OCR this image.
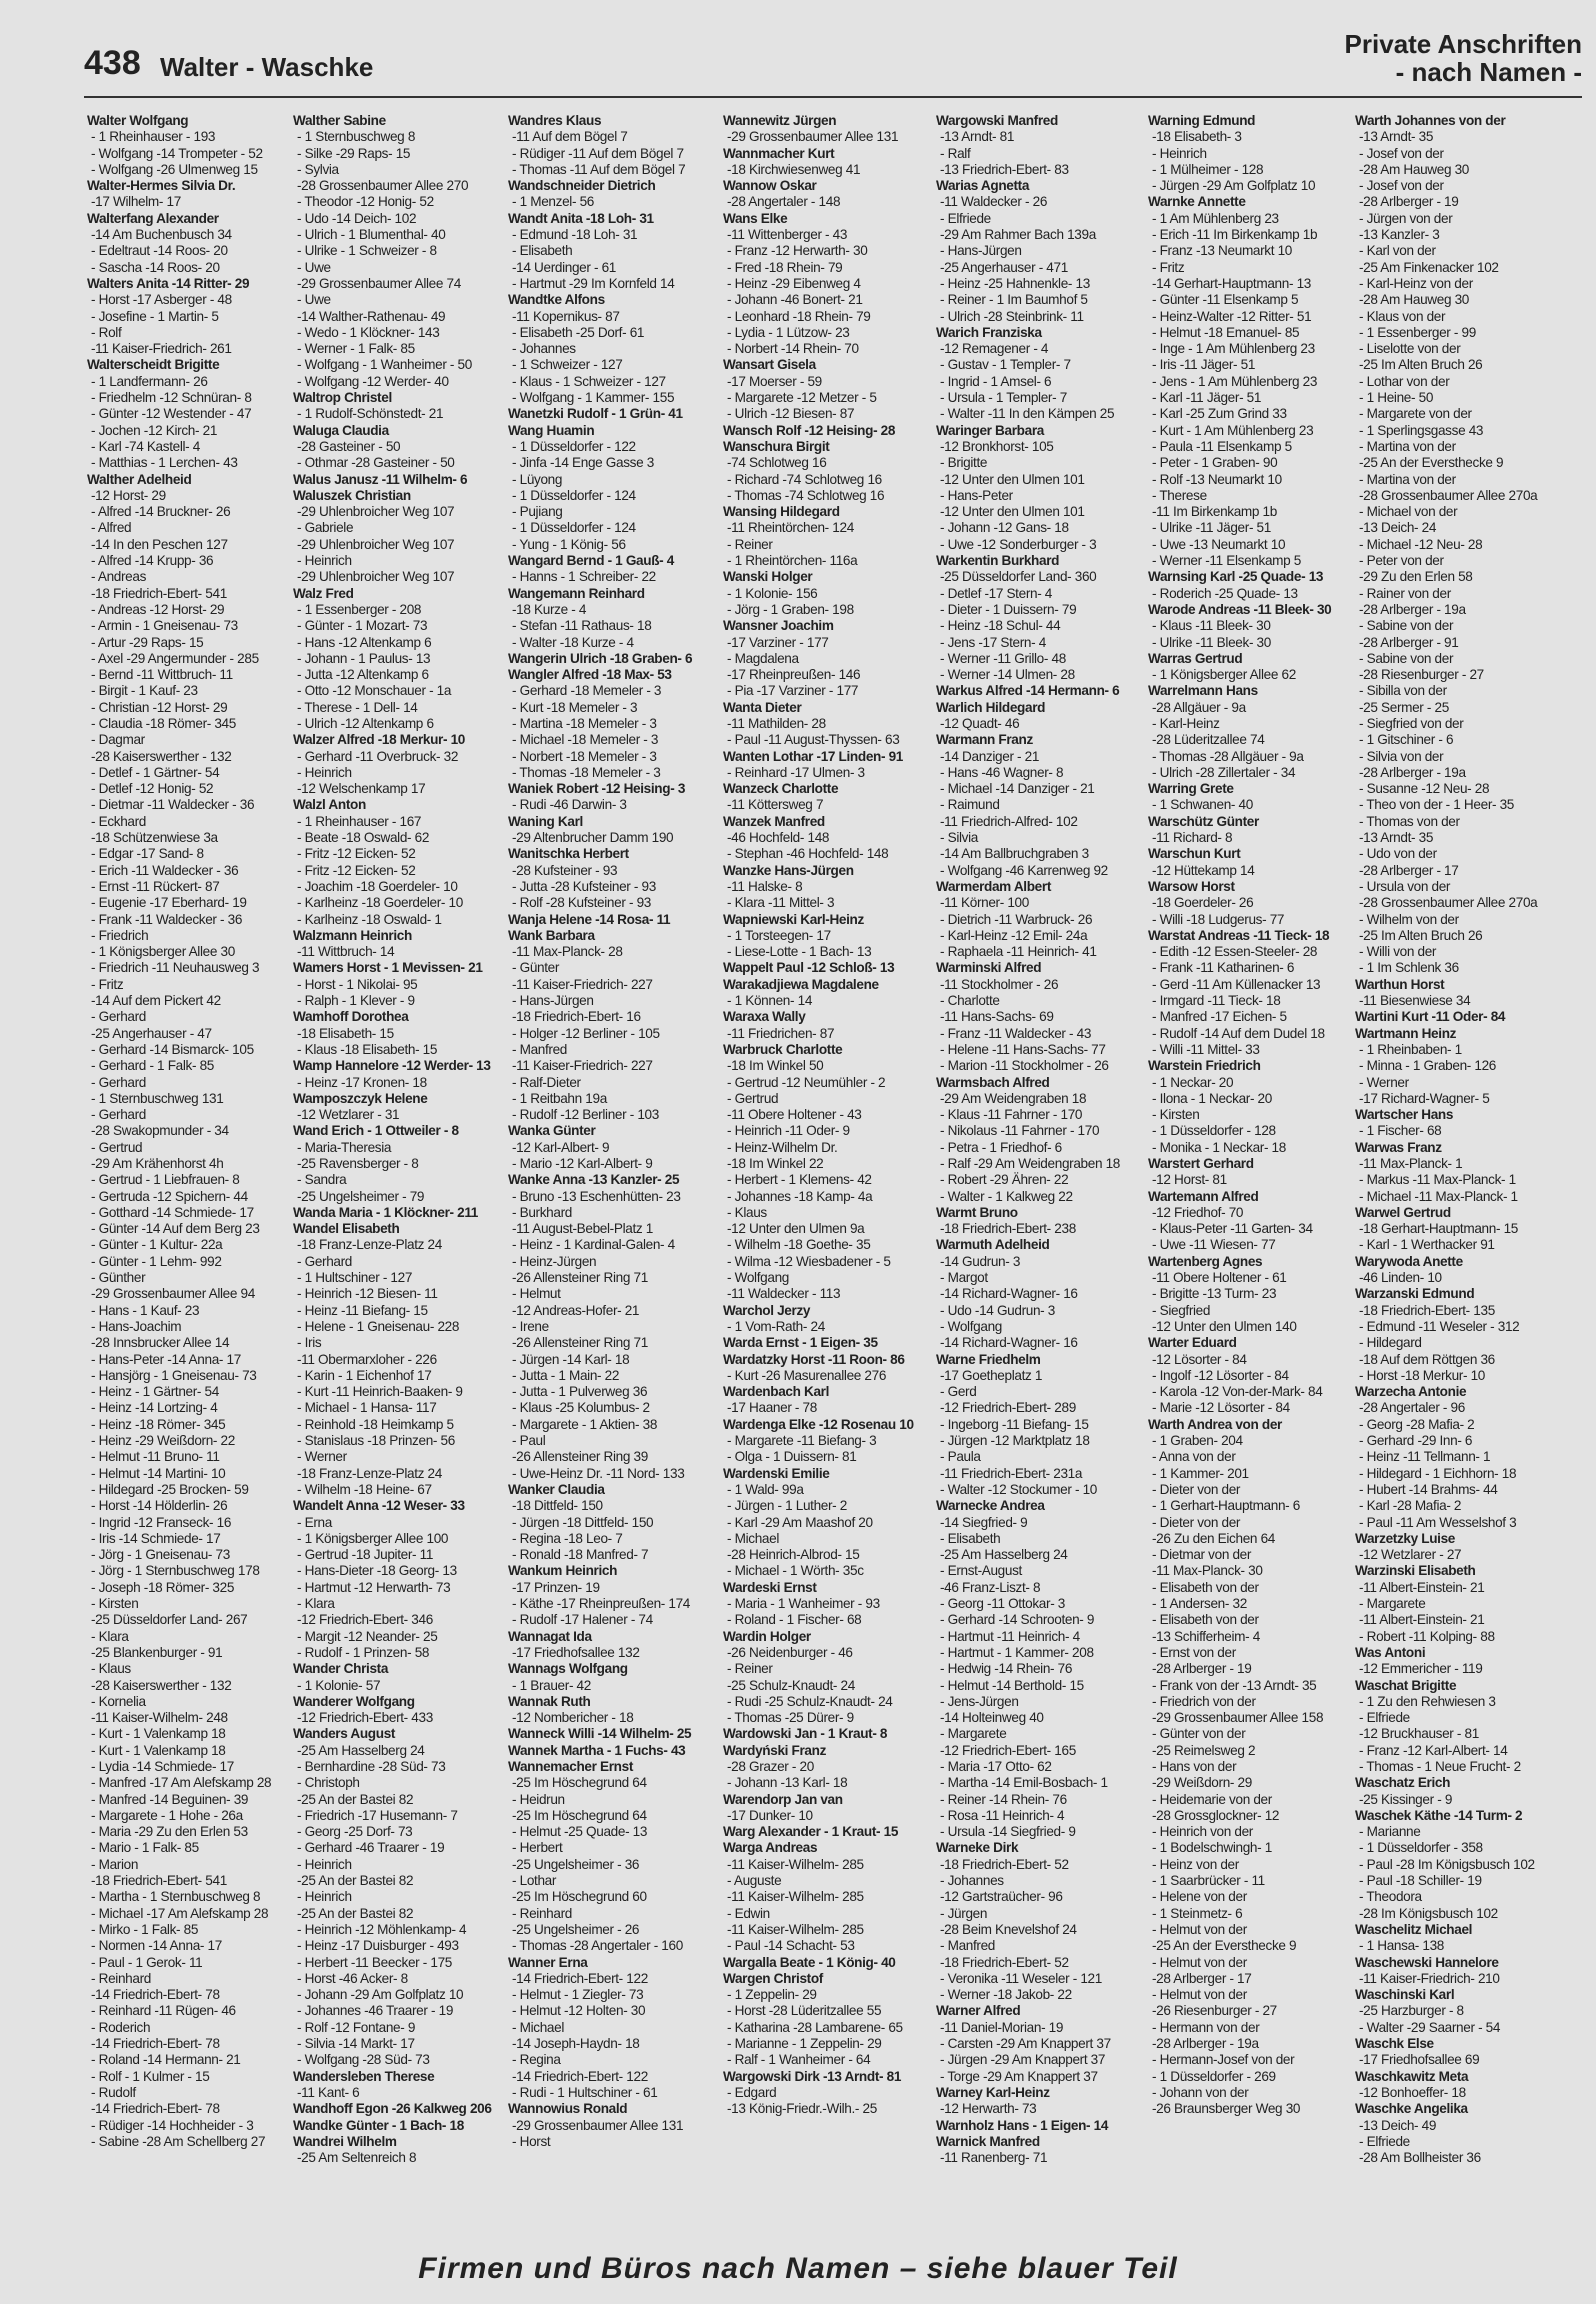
438 Walter - Waschke
Private Anschriften
- nach Namen -
Walter Wolfgang
- 1 Rheinhauser - 193
- Wolfgang -14 Trompeter - 52
- Wolfgang -26 Ulmenweg 15
Walter-Hermes Silvia Dr.
-17 Wilhelm- 17
Walterfang Alexander
-14 Am Buchenbusch 34
- Edeltraut -14 Roos- 20
- Sascha -14 Roos- 20
Walters Anita -14 Ritter- 29
- Horst -17 Asberger - 48
- Josefine - 1 Martin- 5
- Rolf
-11 Kaiser-Friedrich- 261
Walterscheidt Brigitte
- 1 Landfermann- 26
- Friedhelm -12 Schnüran- 8
- Günter -12 Westender - 47
- Jochen -12 Kirch- 21
- Karl -74 Kastell- 4
- Matthias - 1 Lerchen- 43
Walther Adelheid
-12 Horst- 29
- Alfred -14 Bruckner- 26
- Alfred
-14 In den Peschen 127
- Alfred -14 Krupp- 36
- Andreas
-18 Friedrich-Ebert- 541
- Andreas -12 Horst- 29
- Armin - 1 Gneisenau- 73
- Artur -29 Raps- 15
- Axel -29 Angermunder - 285
- Bernd -11 Wittbruch- 11
- Birgit - 1 Kauf- 23
- Christian -12 Horst- 29
- Claudia -18 Römer- 345
- Dagmar
-28 Kaiserswerther - 132
- Detlef - 1 Gärtner- 54
- Detlef -12 Honig- 52
- Dietmar -11 Waldecker - 36
- Eckhard
-18 Schützenwiese 3a
- Edgar -17 Sand- 8
- Erich -11 Waldecker - 36
- Ernst -11 Rückert- 87
- Eugenie -17 Eberhard- 19
- Frank -11 Waldecker - 36
- Friedrich
- 1 Königsberger Allee 30
- Friedrich -11 Neuhausweg 3
- Fritz
-14 Auf dem Pickert 42
- Gerhard
-25 Angerhauser - 47
- Gerhard -14 Bismarck- 105
- Gerhard - 1 Falk- 85
- Gerhard
- 1 Sternbuschweg 131
- Gerhard
-28 Swakopmunder - 34
- Gertrud
-29 Am Krähenhorst 4h
- Gertrud - 1 Liebfrauen- 8
- Gertruda -12 Spichern- 44
- Gotthard -14 Schmiede- 17
- Günter -14 Auf dem Berg 23
- Günter - 1 Kultur- 22a
- Günter - 1 Lehm- 992
- Günther
-29 Grossenbaumer Allee 94
- Hans - 1 Kauf- 23
- Hans-Joachim
-28 Innsbrucker Allee 14
- Hans-Peter -14 Anna- 17
- Hansjörg - 1 Gneisenau- 73
- Heinz - 1 Gärtner- 54
- Heinz -14 Lortzing- 4
- Heinz -18 Römer- 345
- Heinz -29 Weißdorn- 22
- Helmut -11 Bruno- 11
- Helmut -14 Martini- 10
- Hildegard -25 Brocken- 59
- Horst -14 Hölderlin- 26
- Ingrid -12 Franseck- 16
- Iris -14 Schmiede- 17
- Jörg - 1 Gneisenau- 73
- Jörg - 1 Sternbuschweg 178
- Joseph -18 Römer- 325
- Kirsten
-25 Düsseldorfer Land- 267
- Klara
-25 Blankenburger - 91
- Klaus
-28 Kaiserswerther - 132
- Kornelia
-11 Kaiser-Wilhelm- 248
- Kurt - 1 Valenkamp 18
- Kurt - 1 Valenkamp 18
- Lydia -14 Schmiede- 17
- Manfred -17 Am Alefskamp 28
- Manfred -14 Beguinen- 39
- Margarete - 1 Hohe - 26a
- Maria -29 Zu den Erlen 53
- Mario - 1 Falk- 85
- Marion
-18 Friedrich-Ebert- 541
- Martha - 1 Sternbuschweg 8
- Michael -17 Am Alefskamp 28
- Mirko - 1 Falk- 85
- Normen -14 Anna- 17
- Paul - 1 Gerok- 11
- Reinhard
-14 Friedrich-Ebert- 78
- Reinhard -11 Rügen- 46
- Roderich
-14 Friedrich-Ebert- 78
- Roland -14 Hermann- 21
- Rolf - 1 Kulmer - 15
- Rudolf
-14 Friedrich-Ebert- 78
- Rüdiger -14 Hochheider - 3
- Sabine -28 Am Schellberg 27
Walther Sabine
- 1 Sternbuschweg 8
- Silke -29 Raps- 15
- Sylvia
-28 Grossenbaumer Allee 270
- Theodor -12 Honig- 52
- Udo -14 Deich- 102
- Ulrich - 1 Blumenthal- 40
- Ulrike - 1 Schweizer - 8
- Uwe
-29 Grossenbaumer Allee 74
- Uwe
-14 Walther-Rathenau- 49
- Wedo - 1 Klöckner- 143
- Werner - 1 Falk- 85
- Wolfgang - 1 Wanheimer - 50
- Wolfgang -12 Werder- 40
Waltrop Christel
- 1 Rudolf-Schönstedt- 21
Waluga Claudia
-28 Gasteiner - 50
- Othmar -28 Gasteiner - 50
Walus Janusz -11 Wilhelm- 6
Waluszek Christian
-29 Uhlenbroicher Weg 107
- Gabriele
-29 Uhlenbroicher Weg 107
- Heinrich
-29 Uhlenbroicher Weg 107
Walz Fred
- 1 Essenberger - 208
- Günter - 1 Mozart- 73
- Hans -12 Altenkamp 6
- Johann - 1 Paulus- 13
- Jutta -12 Altenkamp 6
- Otto -12 Monschauer - 1a
- Therese - 1 Dell- 14
- Ulrich -12 Altenkamp 6
Walzer Alfred -18 Merkur- 10
- Gerhard -11 Overbruck- 32
- Heinrich
-12 Welschenkamp 17
Walzl Anton
- 1 Rheinhauser - 167
- Beate -18 Oswald- 62
- Fritz -12 Eicken- 52
- Fritz -12 Eicken- 52
- Joachim -18 Goerdeler- 10
- Karlheinz -18 Goerdeler- 10
- Karlheinz -18 Oswald- 1
Walzmann Heinrich
-11 Wittbruch- 14
Wamers Horst - 1 Mevissen- 21
- Horst - 1 Nikolai- 95
- Ralph - 1 Klever - 9
Wamhoff Dorothea
-18 Elisabeth- 15
- Klaus -18 Elisabeth- 15
Wamp Hannelore -12 Werder- 13
- Heinz -17 Kronen- 18
Wamposzczyk Helene
-12 Wetzlarer - 31
Wand Erich - 1 Ottweiler - 8
- Maria-Theresia
-25 Ravensberger - 8
- Sandra
-25 Ungelsheimer - 79
Wanda Maria - 1 Klöckner- 211
Wandel Elisabeth
-18 Franz-Lenze-Platz 24
- Gerhard
- 1 Hultschiner - 127
- Heinrich -12 Biesen- 11
- Heinz -11 Biefang- 15
- Helene - 1 Gneisenau- 228
- Iris
-11 Obermarxloher - 226
- Karin - 1 Eichenhof 17
- Kurt -11 Heinrich-Baaken- 9
- Michael - 1 Hansa- 117
- Reinhold -18 Heimkamp 5
- Stanislaus -18 Prinzen- 56
- Werner
-18 Franz-Lenze-Platz 24
- Wilhelm -18 Heine- 67
Wandelt Anna -12 Weser- 33
- Erna
- 1 Königsberger Allee 100
- Gertrud -18 Jupiter- 11
- Hans-Dieter -18 Georg- 13
- Hartmut -12 Herwarth- 73
- Klara
-12 Friedrich-Ebert- 346
- Margit -12 Neander- 25
- Rudolf - 1 Prinzen- 58
Wander Christa
- 1 Kolonie- 57
Wanderer Wolfgang
-12 Friedrich-Ebert- 433
Wanders August
-25 Am Hasselberg 24
- Bernhardine -28 Süd- 73
- Christoph
-25 An der Bastei 82
- Friedrich -17 Husemann- 7
- Georg -25 Dorf- 73
- Gerhard -46 Traarer - 19
- Heinrich
-25 An der Bastei 82
- Heinrich
-25 An der Bastei 82
- Heinrich -12 Möhlenkamp- 4
- Heinz -17 Duisburger - 493
- Herbert -11 Beecker - 175
- Horst -46 Acker- 8
- Johann -29 Am Golfplatz 10
- Johannes -46 Traarer - 19
- Rolf -12 Fontane- 9
- Silvia -14 Markt- 17
- Wolfgang -28 Süd- 73
Wandersleben Therese
-11 Kant- 6
Wandhoff Egon -26 Kalkweg 206
Wandke Günter - 1 Bach- 18
Wandrei Wilhelm
-25 Am Seltenreich 8
Wandres Klaus
-11 Auf dem Bögel 7
- Rüdiger -11 Auf dem Bögel 7
- Thomas -11 Auf dem Bögel 7
Wandschneider Dietrich
- 1 Menzel- 56
Wandt Anita -18 Loh- 31
- Edmund -18 Loh- 31
- Elisabeth
-14 Uerdinger - 61
- Hartmut -29 Im Kornfeld 14
Wandtke Alfons
-11 Kopernikus- 87
- Elisabeth -25 Dorf- 61
- Johannes
- 1 Schweizer - 127
- Klaus - 1 Schweizer - 127
- Wolfgang - 1 Kammer- 155
Wanetzki Rudolf - 1 Grün- 41
Wang Huamin
- 1 Düsseldorfer - 122
- Jinfa -14 Enge Gasse 3
- Lüyong
- 1 Düsseldorfer - 124
- Pujiang
- 1 Düsseldorfer - 124
- Yung - 1 König- 56
Wangard Bernd - 1 Gauß- 4
- Hanns - 1 Schreiber- 22
Wangemann Reinhard
-18 Kurze - 4
- Stefan -11 Rathaus- 18
- Walter -18 Kurze - 4
Wangerin Ulrich -18 Graben- 6
Wangler Alfred -18 Max- 53
- Gerhard -18 Memeler - 3
- Kurt -18 Memeler - 3
- Martina -18 Memeler - 3
- Michael -18 Memeler - 3
- Norbert -18 Memeler - 3
- Thomas -18 Memeler - 3
Waniek Robert -12 Heising- 3
- Rudi -46 Darwin- 3
Waning Karl
-29 Altenbrucher Damm 190
Wanitschka Herbert
-28 Kufsteiner - 93
- Jutta -28 Kufsteiner - 93
- Rolf -28 Kufsteiner - 93
Wanja Helene -14 Rosa- 11
Wank Barbara
-11 Max-Planck- 28
- Günter
-11 Kaiser-Friedrich- 227
- Hans-Jürgen
-18 Friedrich-Ebert- 16
- Holger -12 Berliner - 105
- Manfred
-11 Kaiser-Friedrich- 227
- Ralf-Dieter
- 1 Reitbahn 19a
- Rudolf -12 Berliner - 103
Wanka Günter
-12 Karl-Albert- 9
- Mario -12 Karl-Albert- 9
Wanke Anna -13 Kanzler- 25
- Bruno -13 Eschenhütten- 23
- Burkhard
-11 August-Bebel-Platz 1
- Heinz - 1 Kardinal-Galen- 4
- Heinz-Jürgen
-26 Allensteiner Ring 71
- Helmut
-12 Andreas-Hofer- 21
- Irene
-26 Allensteiner Ring 71
- Jürgen -14 Karl- 18
- Jutta - 1 Main- 22
- Jutta - 1 Pulverweg 36
- Klaus -25 Kolumbus- 2
- Margarete - 1 Aktien- 38
- Paul
-26 Allensteiner Ring 39
- Uwe-Heinz Dr. -11 Nord- 133
Wanker Claudia
-18 Dittfeld- 150
- Jürgen -18 Dittfeld- 150
- Regina -18 Leo- 7
- Ronald -18 Manfred- 7
Wankum Heinrich
-17 Prinzen- 19
- Käthe -17 Rheinpreußen- 174
- Rudolf -17 Halener - 74
Wannagat Ida
-17 Friedhofsallee 132
Wannags Wolfgang
- 1 Brauer- 42
Wannak Ruth
-12 Nombericher - 18
Wanneck Willi -14 Wilhelm- 25
Wannek Martha - 1 Fuchs- 43
Wannemacher Ernst
-25 Im Höschegrund 64
- Heidrun
-25 Im Höschegrund 64
- Helmut -25 Quade- 13
- Herbert
-25 Ungelsheimer - 36
- Lothar
-25 Im Höschegrund 60
- Reinhard
-25 Ungelsheimer - 26
- Thomas -28 Angertaler - 160
Wanner Erna
-14 Friedrich-Ebert- 122
- Helmut - 1 Ziegler- 73
- Helmut -12 Holten- 30
- Michael
-14 Joseph-Haydn- 18
- Regina
-14 Friedrich-Ebert- 122
- Rudi - 1 Hultschiner - 61
Wannowius Ronald
-29 Grossenbaumer Allee 131
- Horst
Wannewitz Jürgen
-29 Grossenbaumer Allee 131
Wannmacher Kurt
-18 Kirchwiesenweg 41
Wannow Oskar
-28 Angertaler - 148
Wans Elke
-11 Wittenberger - 43
- Franz -12 Herwarth- 30
- Fred -18 Rhein- 79
- Heinz -29 Eibenweg 4
- Johann -46 Bonert- 21
- Leonhard -18 Rhein- 79
- Lydia - 1 Lützow- 23
- Norbert -14 Rhein- 70
Wansart Gisela
-17 Moerser - 59
- Margarete -12 Metzer - 5
- Ulrich -12 Biesen- 87
Wansch Rolf -12 Heising- 28
Wanschura Birgit
-74 Schlotweg 16
- Richard -74 Schlotweg 16
- Thomas -74 Schlotweg 16
Wansing Hildegard
-11 Rheintörchen- 124
- Reiner
- 1 Rheintörchen- 116a
Wanski Holger
- 1 Kolonie- 156
- Jörg - 1 Graben- 198
Wansner Joachim
-17 Varziner - 177
- Magdalena
-17 Rheinpreußen- 146
- Pia -17 Varziner - 177
Wanta Dieter
-11 Mathilden- 28
- Paul -11 August-Thyssen- 63
Wanten Lothar -17 Linden- 91
- Reinhard -17 Ulmen- 3
Wanzeck Charlotte
-11 Köttersweg 7
Wanzek Manfred
-46 Hochfeld- 148
- Stephan -46 Hochfeld- 148
Wanzke Hans-Jürgen
-11 Halske- 8
- Klara -11 Mittel- 3
Wapniewski Karl-Heinz
- 1 Torsteegen- 17
- Liese-Lotte - 1 Bach- 13
Wappelt Paul -12 Schloß- 13
Warakadjiewa Magdalene
- 1 Können- 14
Waraxa Wally
-11 Friedrichen- 87
Warbruck Charlotte
-18 Im Winkel 50
- Gertrud -12 Neumühler - 2
- Gertrud
-11 Obere Holtener - 43
- Heinrich -11 Oder- 9
- Heinz-Wilhelm Dr.
-18 Im Winkel 22
- Herbert - 1 Klemens- 42
- Johannes -18 Kamp- 4a
- Klaus
-12 Unter den Ulmen 9a
- Wilhelm -18 Goethe- 35
- Wilma -12 Wiesbadener - 5
- Wolfgang
-11 Waldecker - 113
Warchol Jerzy
- 1 Vom-Rath- 24
Warda Ernst - 1 Eigen- 35
Wardatzky Horst -11 Roon- 86
- Kurt -26 Masurenallee 276
Wardenbach Karl
-17 Haaner - 78
Wardenga Elke -12 Rosenau 10
- Margarete -11 Biefang- 3
- Olga - 1 Duissern- 81
Wardenski Emilie
- 1 Wald- 99a
- Jürgen - 1 Luther- 2
- Karl -29 Am Maashof 20
- Michael
-28 Heinrich-Albrod- 15
- Michael - 1 Wörth- 35c
Wardeski Ernst
- Maria - 1 Wanheimer - 93
- Roland - 1 Fischer- 68
Wardin Holger
-26 Neidenburger - 46
- Reiner
-25 Schulz-Knaudt- 24
- Rudi -25 Schulz-Knaudt- 24
- Thomas -25 Dürer- 9
Wardowski Jan - 1 Kraut- 8
Wardyński Franz
-28 Grazer - 20
- Johann -13 Karl- 18
Warendorp Jan van
-17 Dunker- 10
Warg Alexander - 1 Kraut- 15
Warga Andreas
-11 Kaiser-Wilhelm- 285
- Auguste
-11 Kaiser-Wilhelm- 285
- Edwin
-11 Kaiser-Wilhelm- 285
- Paul -14 Schacht- 53
Wargalla Beate - 1 König- 40
Wargen Christof
- 1 Zeppelin- 29
- Horst -28 Lüderitzallee 55
- Katharina -28 Lambarene- 65
- Marianne - 1 Zeppelin- 29
- Ralf - 1 Wanheimer - 64
Wargowski Dirk -13 Arndt- 81
- Edgard
-13 König-Friedr.-Wilh.- 25
Wargowski Manfred
-13 Arndt- 81
- Ralf
-13 Friedrich-Ebert- 83
Warias Agnetta
-11 Waldecker - 26
- Elfriede
-29 Am Rahmer Bach 139a
- Hans-Jürgen
-25 Angerhauser - 471
- Heinz -25 Hahnenkle- 13
- Reiner - 1 Im Baumhof 5
- Ulrich -28 Steinbrink- 11
Warich Franziska
-12 Remagener - 4
- Gustav - 1 Templer- 7
- Ingrid - 1 Amsel- 6
- Ursula - 1 Templer- 7
- Walter -11 In den Kämpen 25
Waringer Barbara
-12 Bronkhorst- 105
- Brigitte
-12 Unter den Ulmen 101
- Hans-Peter
-12 Unter den Ulmen 101
- Johann -12 Gans- 18
- Uwe -12 Sonderburger - 3
Warkentin Burkhard
-25 Düsseldorfer Land- 360
- Detlef -17 Stern- 4
- Dieter - 1 Duissern- 79
- Heinz -18 Schul- 44
- Jens -17 Stern- 4
- Werner -11 Grillo- 48
- Werner -14 Ulmen- 28
Warkus Alfred -14 Hermann- 6
Warlich Hildegard
-12 Quadt- 46
Warmann Franz
-14 Danziger - 21
- Hans -46 Wagner- 8
- Michael -14 Danziger - 21
- Raimund
-11 Friedrich-Alfred- 102
- Silvia
-14 Am Ballbruchgraben 3
- Wolfgang -46 Karrenweg 92
Warmerdam Albert
-11 Körner- 100
- Dietrich -11 Warbruck- 26
- Karl-Heinz -12 Emil- 24a
- Raphaela -11 Heinrich- 41
Warminski Alfred
-11 Stockholmer - 26
- Charlotte
-11 Hans-Sachs- 69
- Franz -11 Waldecker - 43
- Helene -11 Hans-Sachs- 77
- Marion -11 Stockholmer - 26
Warmsbach Alfred
-29 Am Weidengraben 18
- Klaus -11 Fahrner - 170
- Nikolaus -11 Fahrner - 170
- Petra - 1 Friedhof- 6
- Ralf -29 Am Weidengraben 18
- Robert -29 Ähren- 22
- Walter - 1 Kalkweg 22
Warmt Bruno
-18 Friedrich-Ebert- 238
Warmuth Adelheid
-14 Gudrun- 3
- Margot
-14 Richard-Wagner- 16
- Udo -14 Gudrun- 3
- Wolfgang
-14 Richard-Wagner- 16
Warne Friedhelm
-17 Goetheplatz 1
- Gerd
-12 Friedrich-Ebert- 289
- Ingeborg -11 Biefang- 15
- Jürgen -12 Marktplatz 18
- Paula
-11 Friedrich-Ebert- 231a
- Walter -12 Stockumer - 10
Warnecke Andrea
-14 Siegfried- 9
- Elisabeth
-25 Am Hasselberg 24
- Ernst-August
-46 Franz-Liszt- 8
- Georg -11 Ottokar- 3
- Gerhard -14 Schrooten- 9
- Hartmut -11 Heinrich- 4
- Hartmut - 1 Kammer- 208
- Hedwig -14 Rhein- 76
- Helmut -14 Berthold- 15
- Jens-Jürgen
-14 Holteinweg 40
- Margarete
-12 Friedrich-Ebert- 165
- Maria -17 Otto- 62
- Martha -14 Emil-Bosbach- 1
- Reiner -14 Rhein- 76
- Rosa -11 Heinrich- 4
- Ursula -14 Siegfried- 9
Warneke Dirk
-18 Friedrich-Ebert- 52
- Johannes
-12 Gartstraücher- 96
- Jürgen
-28 Beim Knevelshof 24
- Manfred
-18 Friedrich-Ebert- 52
- Veronika -11 Weseler - 121
- Werner -18 Jakob- 22
Warner Alfred
-11 Daniel-Morian- 19
- Carsten -29 Am Knappert 37
- Jürgen -29 Am Knappert 37
- Torge -29 Am Knappert 37
Warney Karl-Heinz
-12 Herwarth- 73
Warnholz Hans - 1 Eigen- 14
Warnick Manfred
-11 Ranenberg- 71
Warning Edmund
-18 Elisabeth- 3
- Heinrich
- 1 Mülheimer - 128
- Jürgen -29 Am Golfplatz 10
Warnke Annette
- 1 Am Mühlenberg 23
- Erich -11 Im Birkenkamp 1b
- Franz -13 Neumarkt 10
- Fritz
-14 Gerhart-Hauptmann- 13
- Günter -11 Elsenkamp 5
- Heinz-Walter -12 Ritter- 51
- Helmut -18 Emanuel- 85
- Inge - 1 Am Mühlenberg 23
- Iris -11 Jäger- 51
- Jens - 1 Am Mühlenberg 23
- Karl -11 Jäger- 51
- Karl -25 Zum Grind 33
- Kurt - 1 Am Mühlenberg 23
- Paula -11 Elsenkamp 5
- Peter - 1 Graben- 90
- Rolf -13 Neumarkt 10
- Therese
-11 Im Birkenkamp 1b
- Ulrike -11 Jäger- 51
- Uwe -13 Neumarkt 10
- Werner -11 Elsenkamp 5
Warnsing Karl -25 Quade- 13
- Roderich -25 Quade- 13
Warode Andreas -11 Bleek- 30
- Klaus -11 Bleek- 30
- Ulrike -11 Bleek- 30
Warras Gertrud
- 1 Königsberger Allee 62
Warrelmann Hans
-28 Allgäuer - 9a
- Karl-Heinz
-28 Lüderitzallee 74
- Thomas -28 Allgäuer - 9a
- Ulrich -28 Zillertaler - 34
Warring Grete
- 1 Schwanen- 40
Warschütz Günter
-11 Richard- 8
Warschun Kurt
-12 Hüttekamp 14
Warsow Horst
-18 Goerdeler- 26
- Willi -18 Ludgerus- 77
Warstat Andreas -11 Tieck- 18
- Edith -12 Essen-Steeler- 28
- Frank -11 Katharinen- 6
- Gerd -11 Am Küllenacker 13
- Irmgard -11 Tieck- 18
- Manfred -17 Eichen- 5
- Rudolf -14 Auf dem Dudel 18
- Willi -11 Mittel- 33
Warstein Friedrich
- 1 Neckar- 20
- Ilona - 1 Neckar- 20
- Kirsten
- 1 Düsseldorfer - 128
- Monika - 1 Neckar- 18
Warstert Gerhard
-12 Horst- 81
Wartemann Alfred
-12 Friedhof- 70
- Klaus-Peter -11 Garten- 34
- Uwe -11 Wiesen- 77
Wartenberg Agnes
-11 Obere Holtener - 61
- Brigitte -13 Turm- 23
- Siegfried
-12 Unter den Ulmen 140
Warter Eduard
-12 Lösorter - 84
- Ingolf -12 Lösorter - 84
- Karola -12 Von-der-Mark- 84
- Marie -12 Lösorter - 84
Warth Andrea von der
- 1 Graben- 204
- Anna von der
- 1 Kammer- 201
- Dieter von der
- 1 Gerhart-Hauptmann- 6
- Dieter von der
-26 Zu den Eichen 64
- Dietmar von der
-11 Max-Planck- 30
- Elisabeth von der
- 1 Andersen- 32
- Elisabeth von der
-13 Schifferheim- 4
- Ernst von der
-28 Arlberger - 19
- Frank von der -13 Arndt- 35
- Friedrich von der
-29 Grossenbaumer Allee 158
- Günter von der
-25 Reimelsweg 2
- Hans von der
-29 Weißdorn- 29
- Heidemarie von der
-28 Grossglockner- 12
- Heinrich von der
- 1 Bodelschwingh- 1
- Heinz von der
- 1 Saarbrücker - 11
- Helene von der
- 1 Steinmetz- 6
- Helmut von der
-25 An der Eversthecke 9
- Helmut von der
-28 Arlberger - 17
- Helmut von der
-26 Riesenburger - 27
- Hermann von der
-28 Arlberger - 19a
- Hermann-Josef von der
- 1 Düsseldorfer - 269
- Johann von der
-26 Braunsberger Weg 30
Warth Johannes von der
-13 Arndt- 35
- Josef von der
-28 Am Hauweg 30
- Josef von der
-28 Arlberger - 19
- Jürgen von der
-13 Kanzler- 3
- Karl von der
-25 Am Finkenacker 102
- Karl-Heinz von der
-28 Am Hauweg 30
- Klaus von der
- 1 Essenberger - 99
- Liselotte von der
-25 Im Alten Bruch 26
- Lothar von der
- 1 Heine- 50
- Margarete von der
- 1 Sperlingsgasse 43
- Martina von der
-25 An der Eversthecke 9
- Martina von der
-28 Grossenbaumer Allee 270a
- Michael von der
-13 Deich- 24
- Michael -12 Neu- 28
- Peter von der
-29 Zu den Erlen 58
- Rainer von der
-28 Arlberger - 19a
- Sabine von der
-28 Arlberger - 91
- Sabine von der
-28 Riesenburger - 27
- Sibilla von der
-25 Sermer - 25
- Siegfried von der
- 1 Gitschiner - 6
- Silvia von der
-28 Arlberger - 19a
- Susanne -12 Neu- 28
- Theo von der - 1 Heer- 35
- Thomas von der
-13 Arndt- 35
- Udo von der
-28 Arlberger - 17
- Ursula von der
-28 Grossenbaumer Allee 270a
- Wilhelm von der
-25 Im Alten Bruch 26
- Willi von der
- 1 Im Schlenk 36
Warthun Horst
-11 Biesenwiese 34
Wartini Kurt -11 Oder- 84
Wartmann Heinz
- 1 Rheinbaben- 1
- Minna - 1 Graben- 126
- Werner
-17 Richard-Wagner- 5
Wartscher Hans
- 1 Fischer- 68
Warwas Franz
-11 Max-Planck- 1
- Markus -11 Max-Planck- 1
- Michael -11 Max-Planck- 1
Warwel Gertrud
-18 Gerhart-Hauptmann- 15
- Karl - 1 Werthacker 91
Warywoda Anette
-46 Linden- 10
Warzanski Edmund
-18 Friedrich-Ebert- 135
- Edmund -11 Weseler - 312
- Hildegard
-18 Auf dem Röttgen 36
- Horst -18 Merkur- 10
Warzecha Antonie
-28 Angertaler - 96
- Georg -28 Mafia- 2
- Gerhard -29 Inn- 6
- Heinz -11 Tellmann- 1
- Hildegard - 1 Eichhorn- 18
- Hubert -14 Brahms- 44
- Karl -28 Mafia- 2
- Paul -11 Am Wesselshof 3
Warzetzky Luise
-12 Wetzlarer - 27
Warzinski Elisabeth
-11 Albert-Einstein- 21
- Margarete
-11 Albert-Einstein- 21
- Robert -11 Kolping- 88
Was Antoni
-12 Emmericher - 119
Waschat Brigitte
- 1 Zu den Rehwiesen 3
- Elfriede
-12 Bruckhauser - 81
- Franz -12 Karl-Albert- 14
- Thomas - 1 Neue Frucht- 2
Waschatz Erich
-25 Kissinger - 9
Waschek Käthe -14 Turm- 2
- Marianne
- 1 Düsseldorfer - 358
- Paul -28 Im Königsbusch 102
- Paul -18 Schiller- 19
- Theodora
-28 Im Königsbusch 102
Waschelitz Michael
- 1 Hansa- 138
Waschewski Hannelore
-11 Kaiser-Friedrich- 210
Waschinski Karl
-25 Harzburger - 8
- Walter -29 Saarner - 54
Waschk Else
-17 Friedhofsallee 69
Waschkawitz Meta
-12 Bonhoeffer- 18
Waschke Angelika
-13 Deich- 49
- Elfriede
-28 Am Bollheister 36
Firmen und Büros nach Namen – siehe blauer Teil
